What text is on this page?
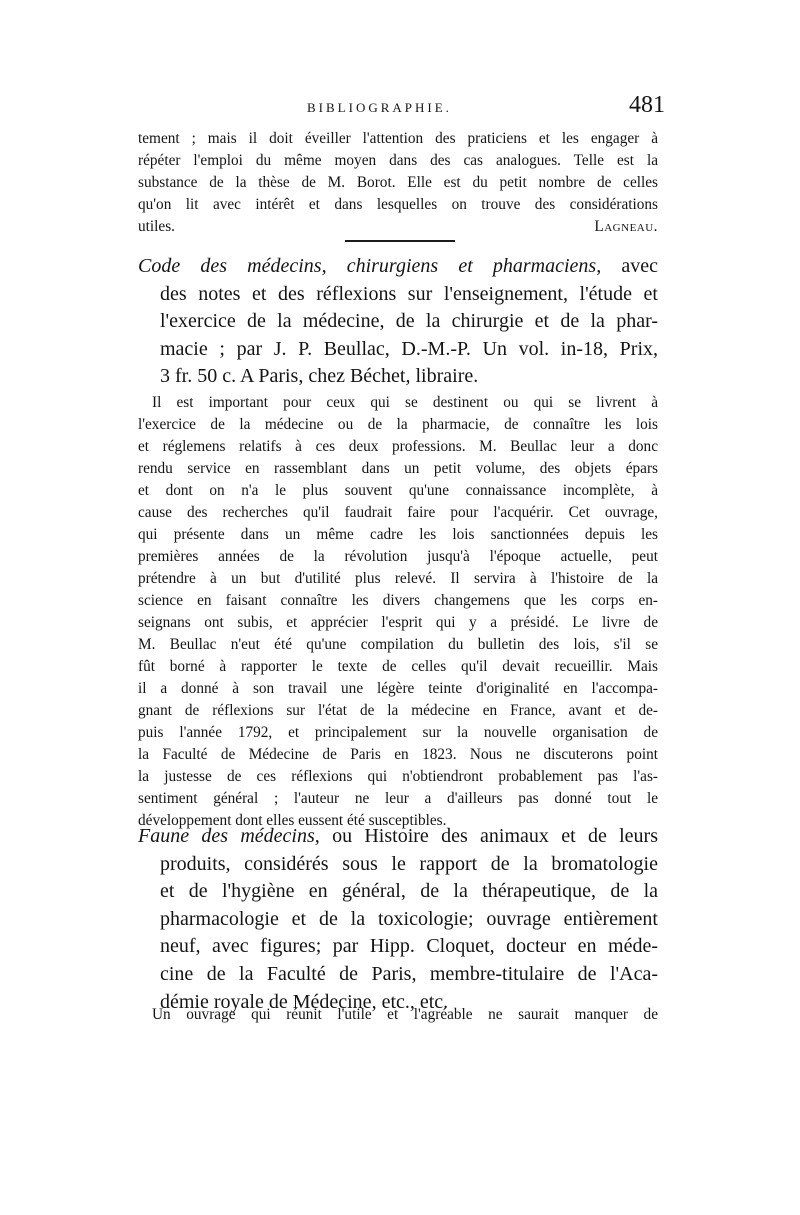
BIBLIOGRAPHIE.	481
tement ; mais il doit éveiller l'attention des praticiens et les engager à
répéter l'emploi du même moyen dans des cas analogues. Telle est la
substance de la thèse de M. Borot. Elle est du petit nombre de celles
qu'on lit avec intérêt et dans lesquelles on trouve des considérations
utiles.	Lagneau.
Code des médecins, chirurgiens et pharmaciens, avec
des notes et des réflexions sur l'enseignement, l'étude et
l'exercice de la médecine, de la chirurgie et de la phar-
macie ; par J. P. Beullac, D.-M.-P. Un vol. in-18, Prix,
3 fr. 50 c. A Paris, chez Béchet, libraire.
Il est important pour ceux qui se destinent ou qui se livrent à
l'exercice de la médecine ou de la pharmacie, de connaître les lois
et réglemens relatifs à ces deux professions. M. Beullac leur a donc
rendu service en rassemblant dans un petit volume, des objets épars
et dont on n'a le plus souvent qu'une connaissance incomplète, à
cause des recherches qu'il faudrait faire pour l'acquérir. Cet ouvrage,
qui présente dans un même cadre les lois sanctionnées depuis les
premières années de la révolution jusqu'à l'époque actuelle, peut
prétendre à un but d'utilité plus relevé. Il servira à l'histoire de la
science en faisant connaître les divers changemens que les corps en-
seignans ont subis, et apprécier l'esprit qui y a présidé. Le livre de
M. Beullac n'eut été qu'une compilation du bulletin des lois, s'il se
fût borné à rapporter le texte de celles qu'il devait recueillir. Mais
il a donné à son travail une légère teinte d'originalité en l'accompa-
gnant de réflexions sur l'état de la médecine en France, avant et de-
puis l'année 1792, et principalement sur la nouvelle organisation de
la Faculté de Médecine de Paris en 1823. Nous ne discuterons point
la justesse de ces réflexions qui n'obtiendront probablement pas l'as-
sentiment général ; l'auteur ne leur a d'ailleurs pas donné tout le
développement dont elles eussent été susceptibles.
Faune des médecins, ou Histoire des animaux et de leurs
produits, considérés sous le rapport de la bromatologie
et de l'hygiène en général, de la thérapeutique, de la
pharmacologie et de la toxicologie; ouvrage entièrement
neuf, avec figures; par Hipp. Cloquet, docteur en méde-
cine de la Faculté de Paris, membre-titulaire de l'Aca-
démie royale de Médecine, etc., etc.
Un ouvrage qui réunit l'utile et l'agréable ne saurait manquer de
